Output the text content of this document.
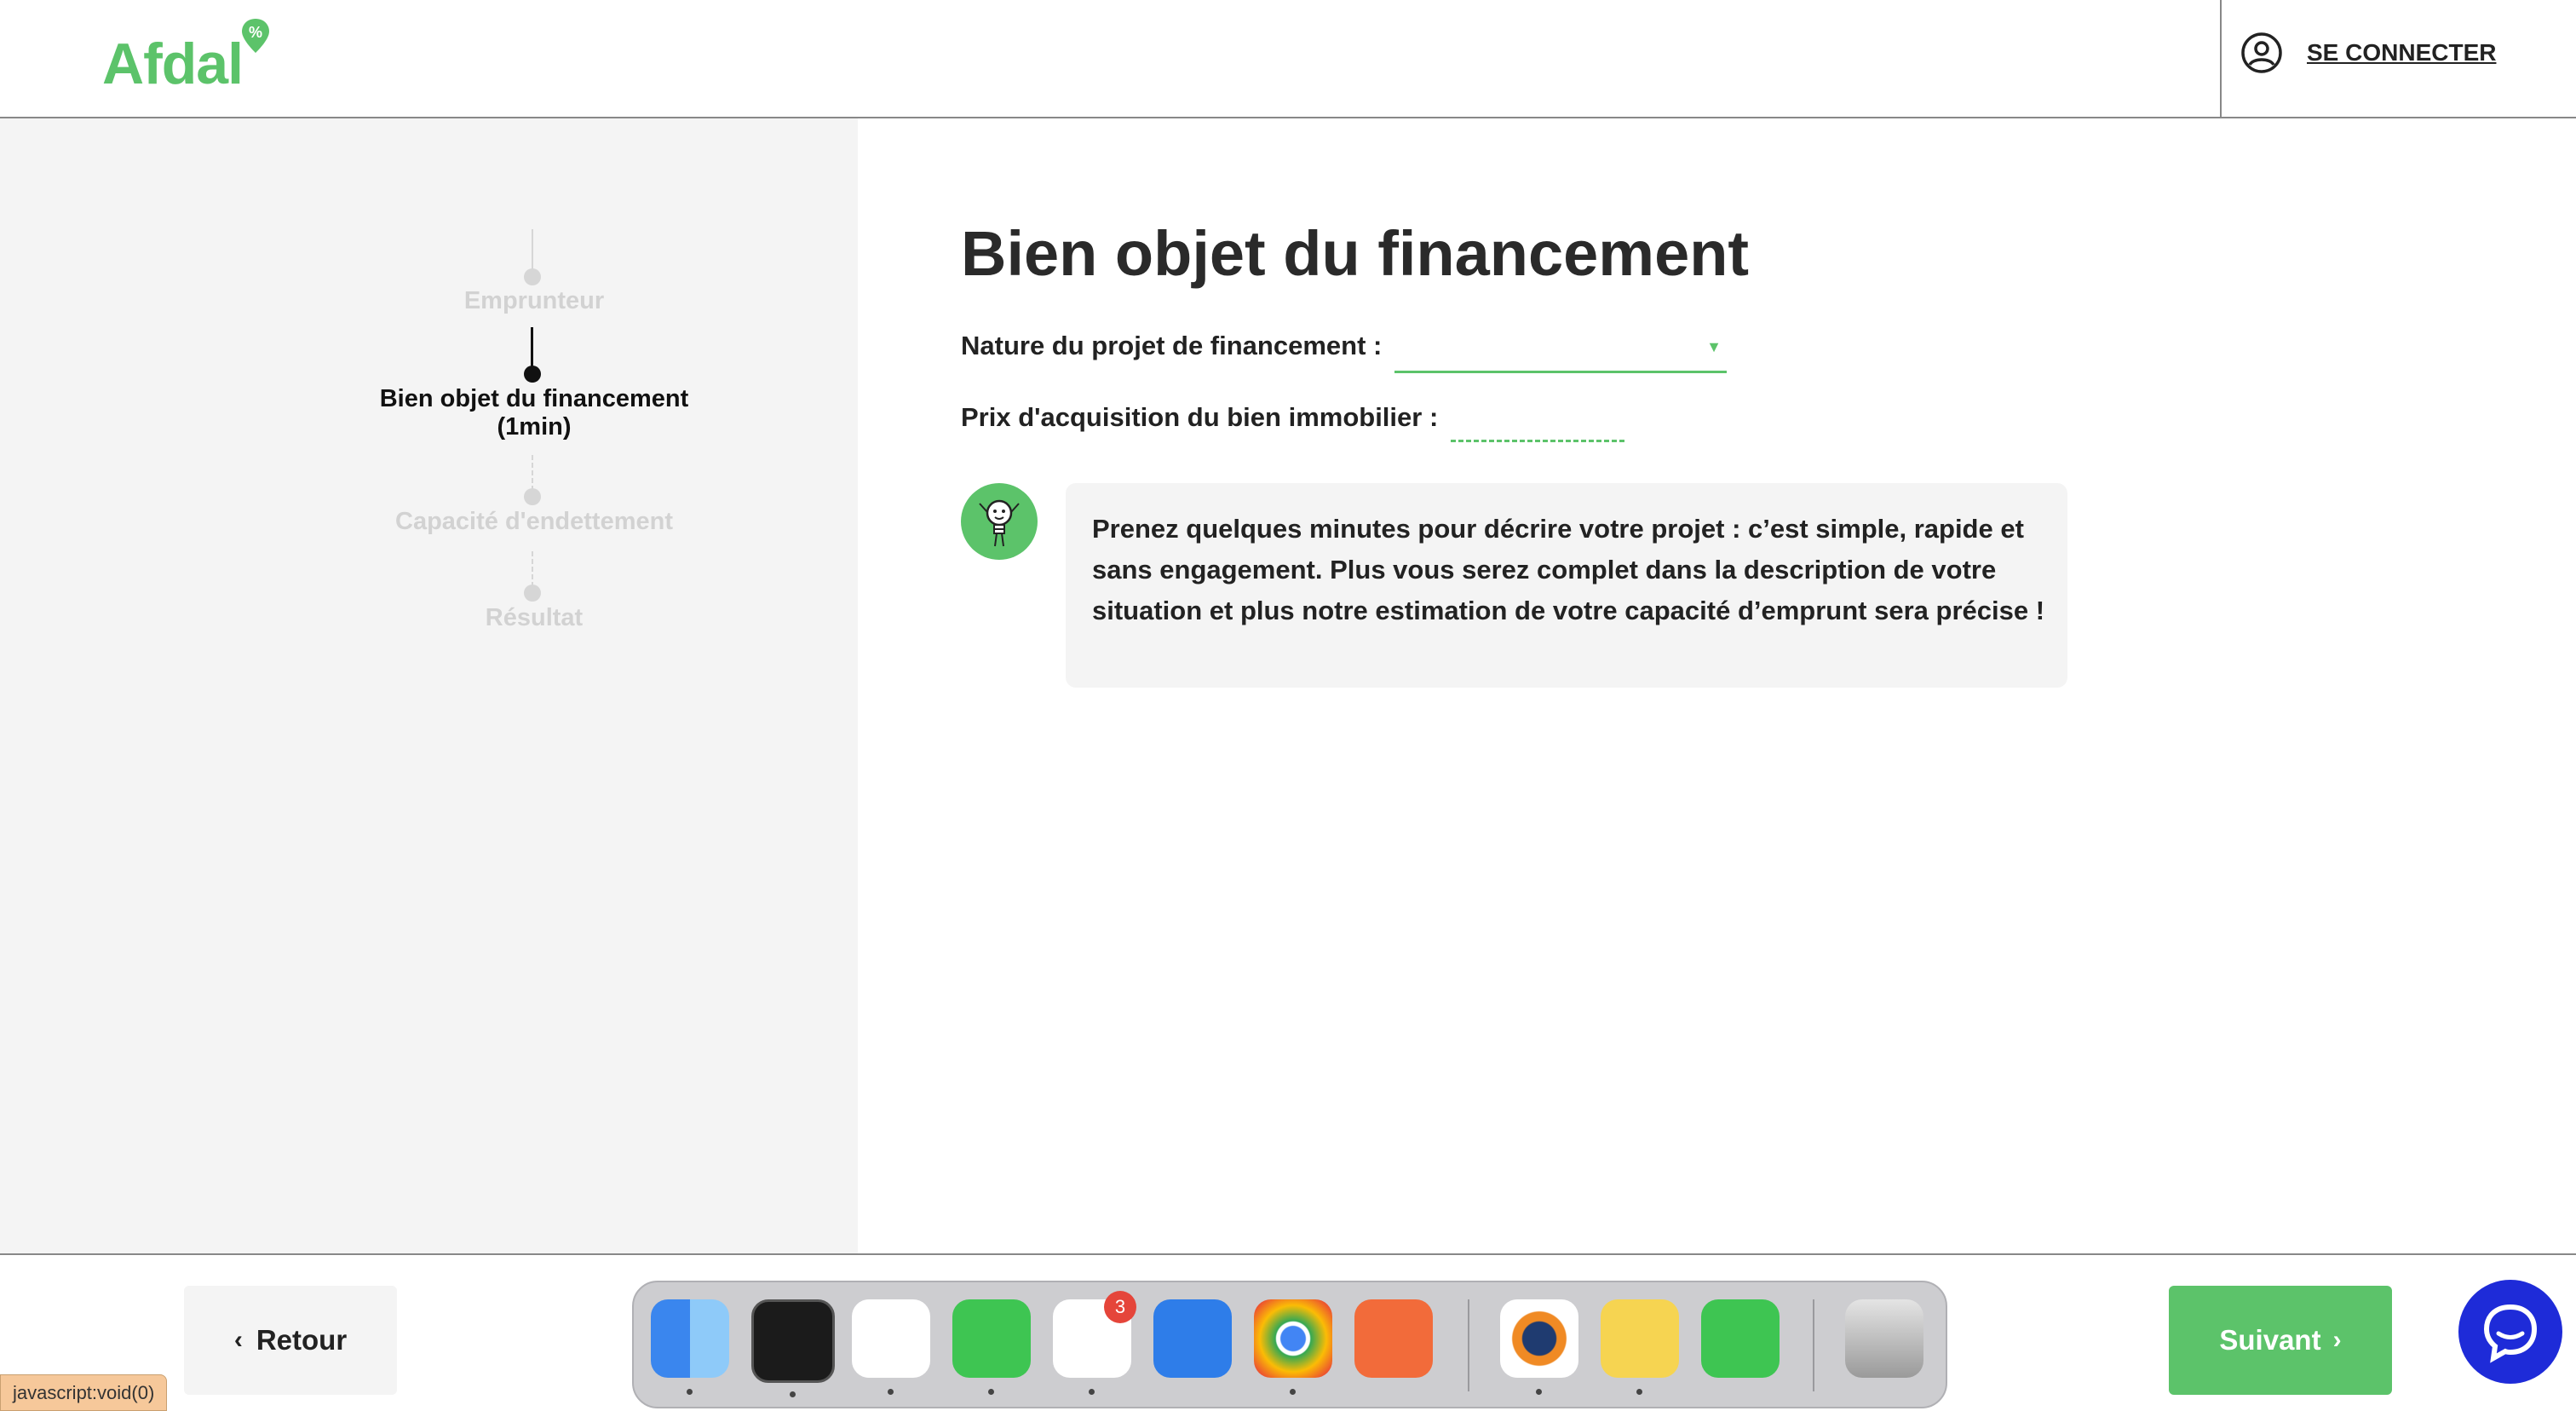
Afdal %
SE CONNECTER
Emprunteur
Bien objet du financement
(1min)
Capacité d'endettement
Résultat
Bien objet du financement
Nature du projet de financement :	▼
Prix d'acquisition du bien immobilier :
Prenez quelques minutes pour décrire votre projet : c’est simple, rapide et sans engagement. Plus vous serez complet dans la description de votre situation et plus notre estimation de votre capacité d’emprunt sera précise !
‹ Retour	Suivant ›
3
javascript:void(0)
